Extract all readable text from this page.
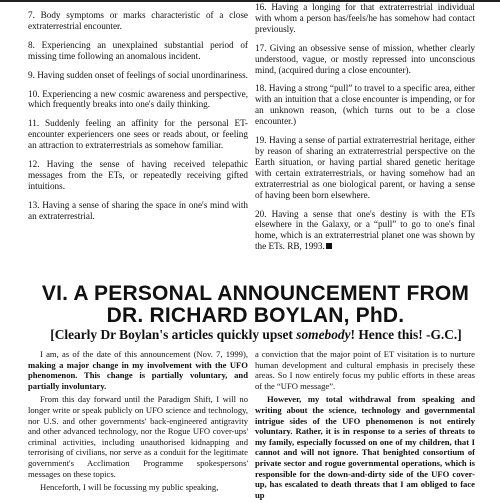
7. Body symptoms or marks characteristic of a close extraterrestrial encounter.
8. Experiencing an unexplained substantial period of missing time following an anomalous incident.
9. Having sudden onset of feelings of social unordinariness.
10. Experiencing a new cosmic awareness and perspective, which frequently breaks into one's daily thinking.
11. Suddenly feeling an affinity for the personal ET-encounter experiencers one sees or reads about, or feeling an attraction to extraterrestrials as somehow familiar.
12. Having the sense of having received telepathic messages from the ETs, or repeatedly receiving gifted intuitions.
13. Having a sense of sharing the space in one's mind with an extraterrestrial.
16. Having a longing for that extraterrestrial individual with whom a person has/feels/he has somehow had contact previously.
17. Giving an obsessive sense of mission, whether clearly understood, vague, or mostly repressed into unconscious mind, (acquired during a close encounter).
18. Having a strong “pull” to travel to a specific area, either with an intuition that a close encounter is impending, or for an unknown reason, (which turns out to be a close encounter.)
19. Having a sense of partial extraterrestrial heritage, either by reason of sharing an extraterrestrial perspective on the Earth situation, or having partial shared genetic heritage with certain extraterrestrials, or having somehow had an extraterrestrial as one biological parent, or having a sense of having been born elsewhere.
20. Having a sense that one's destiny is with the ETs elsewhere in the Galaxy, or a “pull” to go to one's final home, which is an extraterrestrial planet one was shown by the ETs. RB, 1993.
VI. A PERSONAL ANNOUNCEMENT FROM
DR. RICHARD BOYLAN, PhD.
[Clearly Dr Boylan's articles quickly upset somebody! Hence this! -G.C.]

I am, as of the date of this announcement (Nov. 7, 1999), making a major change in my involvement with the UFO phenomenon. This change is partially voluntary, and partially involuntary.

From this day forward until the Paradigm Shift, I will no longer write or speak publicly on UFO science and technology, nor U.S. and other governments' back-engineered antigravity and other advanced technology, nor the Rogue UFO cover-ups' criminal activities, including unauthorised kidnapping and terrorising of civilians, nor serve as a conduit for the legitimate government's Acclimation Programme spokespersons' messages on these topics.

Henceforth, I will be focussing my public speaking,

a conviction that the major point of ET visitation is to nurture human development and cultural emphasis in precisely these areas. So I now entirely focus my public efforts in these areas of the “UFO message”.

However, my total withdrawal from speaking and writing about the science, technology and governmental intrigue sides of the UFO phenomenon is not entirely voluntary. Rather, it is in response to a series of threats to my family, especially focussed on one of my children, that I cannot and will not ignore. That benighted consortium of private sector and rogue governmental operations, which is responsible for the down-and-dirty side of the UFO cover-up, has escalated to death threats that I am obliged to face up
